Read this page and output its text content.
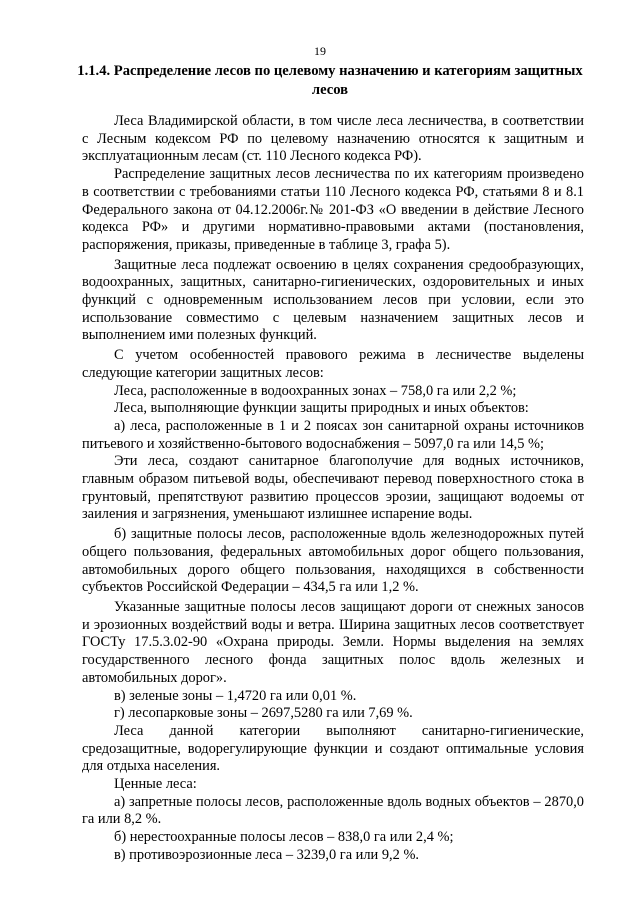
19
1.1.4. Распределение лесов по целевому назначению и категориям защитных лесов

Леса Владимирской области, в том числе леса лесничества, в соответствии с Лесным кодексом РФ по целевому назначению относятся к защитным и эксплуатационным лесам (ст. 110 Лесного кодекса РФ).

Распределение защитных лесов лесничества по их категориям произведено в соответствии с требованиями статьи 110 Лесного кодекса РФ, статьями 8 и 8.1 Федерального закона от 04.12.2006г.№ 201-ФЗ «О введении в действие Лесного кодекса РФ» и другими нормативно-правовыми актами (постановления, распоряжения, приказы, приведенные в таблице 3, графа 5).

Защитные леса подлежат освоению в целях сохранения средообразующих, водоохранных, защитных, санитарно-гигиенических, оздоровительных и иных функций с одновременным использованием лесов при условии, если это использование совместимо с целевым назначением защитных лесов и выполнением ими полезных функций.

С учетом особенностей правового режима в лесничестве выделены следующие категории защитных лесов:

Леса, расположенные в водоохранных зонах – 758,0 га или 2,2 %;

Леса, выполняющие функции защиты природных и иных объектов:

а) леса, расположенные в 1 и 2 поясах зон санитарной охраны источников питьевого и хозяйственно-бытового водоснабжения – 5097,0 га или 14,5 %;

Эти леса, создают санитарное благополучие для водных источников, главным образом питьевой воды, обеспечивают перевод поверхностного стока в грунтовый, препятствуют развитию процессов эрозии, защищают водоемы от заиления и загрязнения, уменьшают излишнее испарение воды.

б) защитные полосы лесов, расположенные вдоль железнодорожных путей общего пользования, федеральных автомобильных дорог общего пользования, автомобильных дорого общего пользования, находящихся в собственности субъектов Российской Федерации – 434,5 га или 1,2 %.

Указанные защитные полосы лесов защищают дороги от снежных заносов и эрозионных воздействий воды и ветра. Ширина защитных лесов соответствует ГОСТу 17.5.3.02-90 «Охрана природы. Земли. Нормы выделения на землях государственного лесного фонда защитных полос вдоль железных и автомобильных дорог».

в) зеленые зоны – 1,4720 га или 0,01 %.

г) лесопарковые зоны – 2697,5280 га или 7,69 %.

Леса данной категории выполняют санитарно-гигиенические, средозащитные, водорегулирующие функции и создают оптимальные условия для отдыха населения.

Ценные леса:

а) запретные полосы лесов, расположенные вдоль водных объектов – 2870,0 га или 8,2 %.

б) нерестоохранные полосы лесов – 838,0 га или 2,4 %;

в) противоэрозионные леса – 3239,0 га или 9,2 %.
